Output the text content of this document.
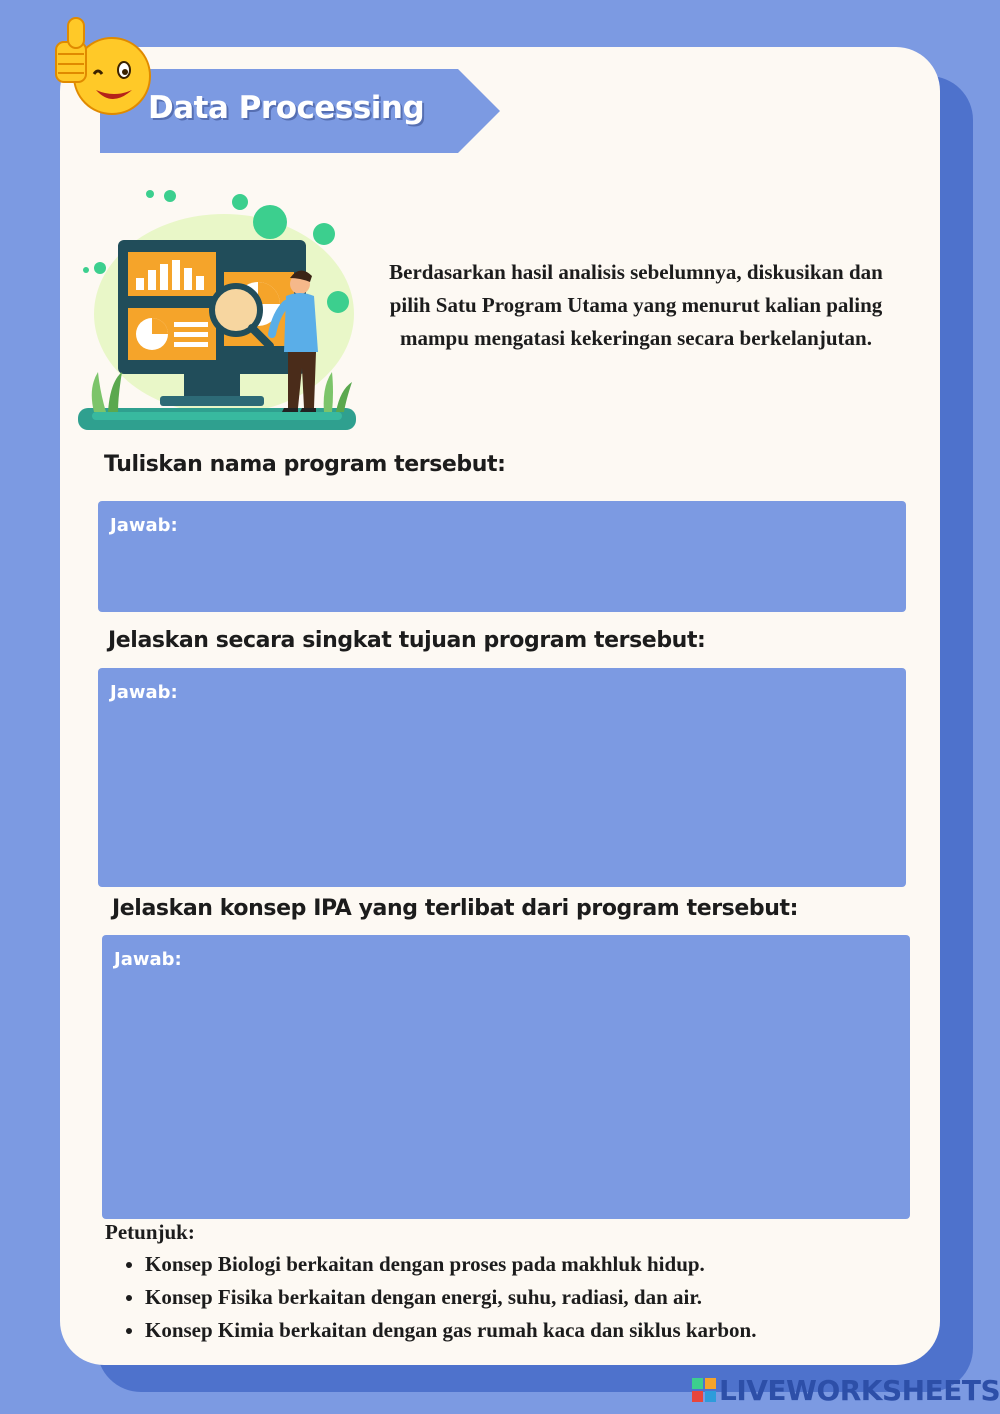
Data Processing
Berdasarkan hasil analisis sebelumnya, diskusikan dan pilih Satu Program Utama yang menurut kalian paling mampu mengatasi kekeringan secara berkelanjutan.
Tuliskan nama program tersebut:
Jawab:
Jelaskan secara singkat tujuan program tersebut:
Jawab:
Jelaskan konsep IPA yang terlibat dari program tersebut:
Jawab:
Petunjuk:
• Konsep Biologi berkaitan dengan proses pada makhluk hidup.
• Konsep Fisika berkaitan dengan energi, suhu, radiasi, dan air.
• Konsep Kimia berkaitan dengan gas rumah kaca dan siklus karbon.
LIVEWORKSHEETS
